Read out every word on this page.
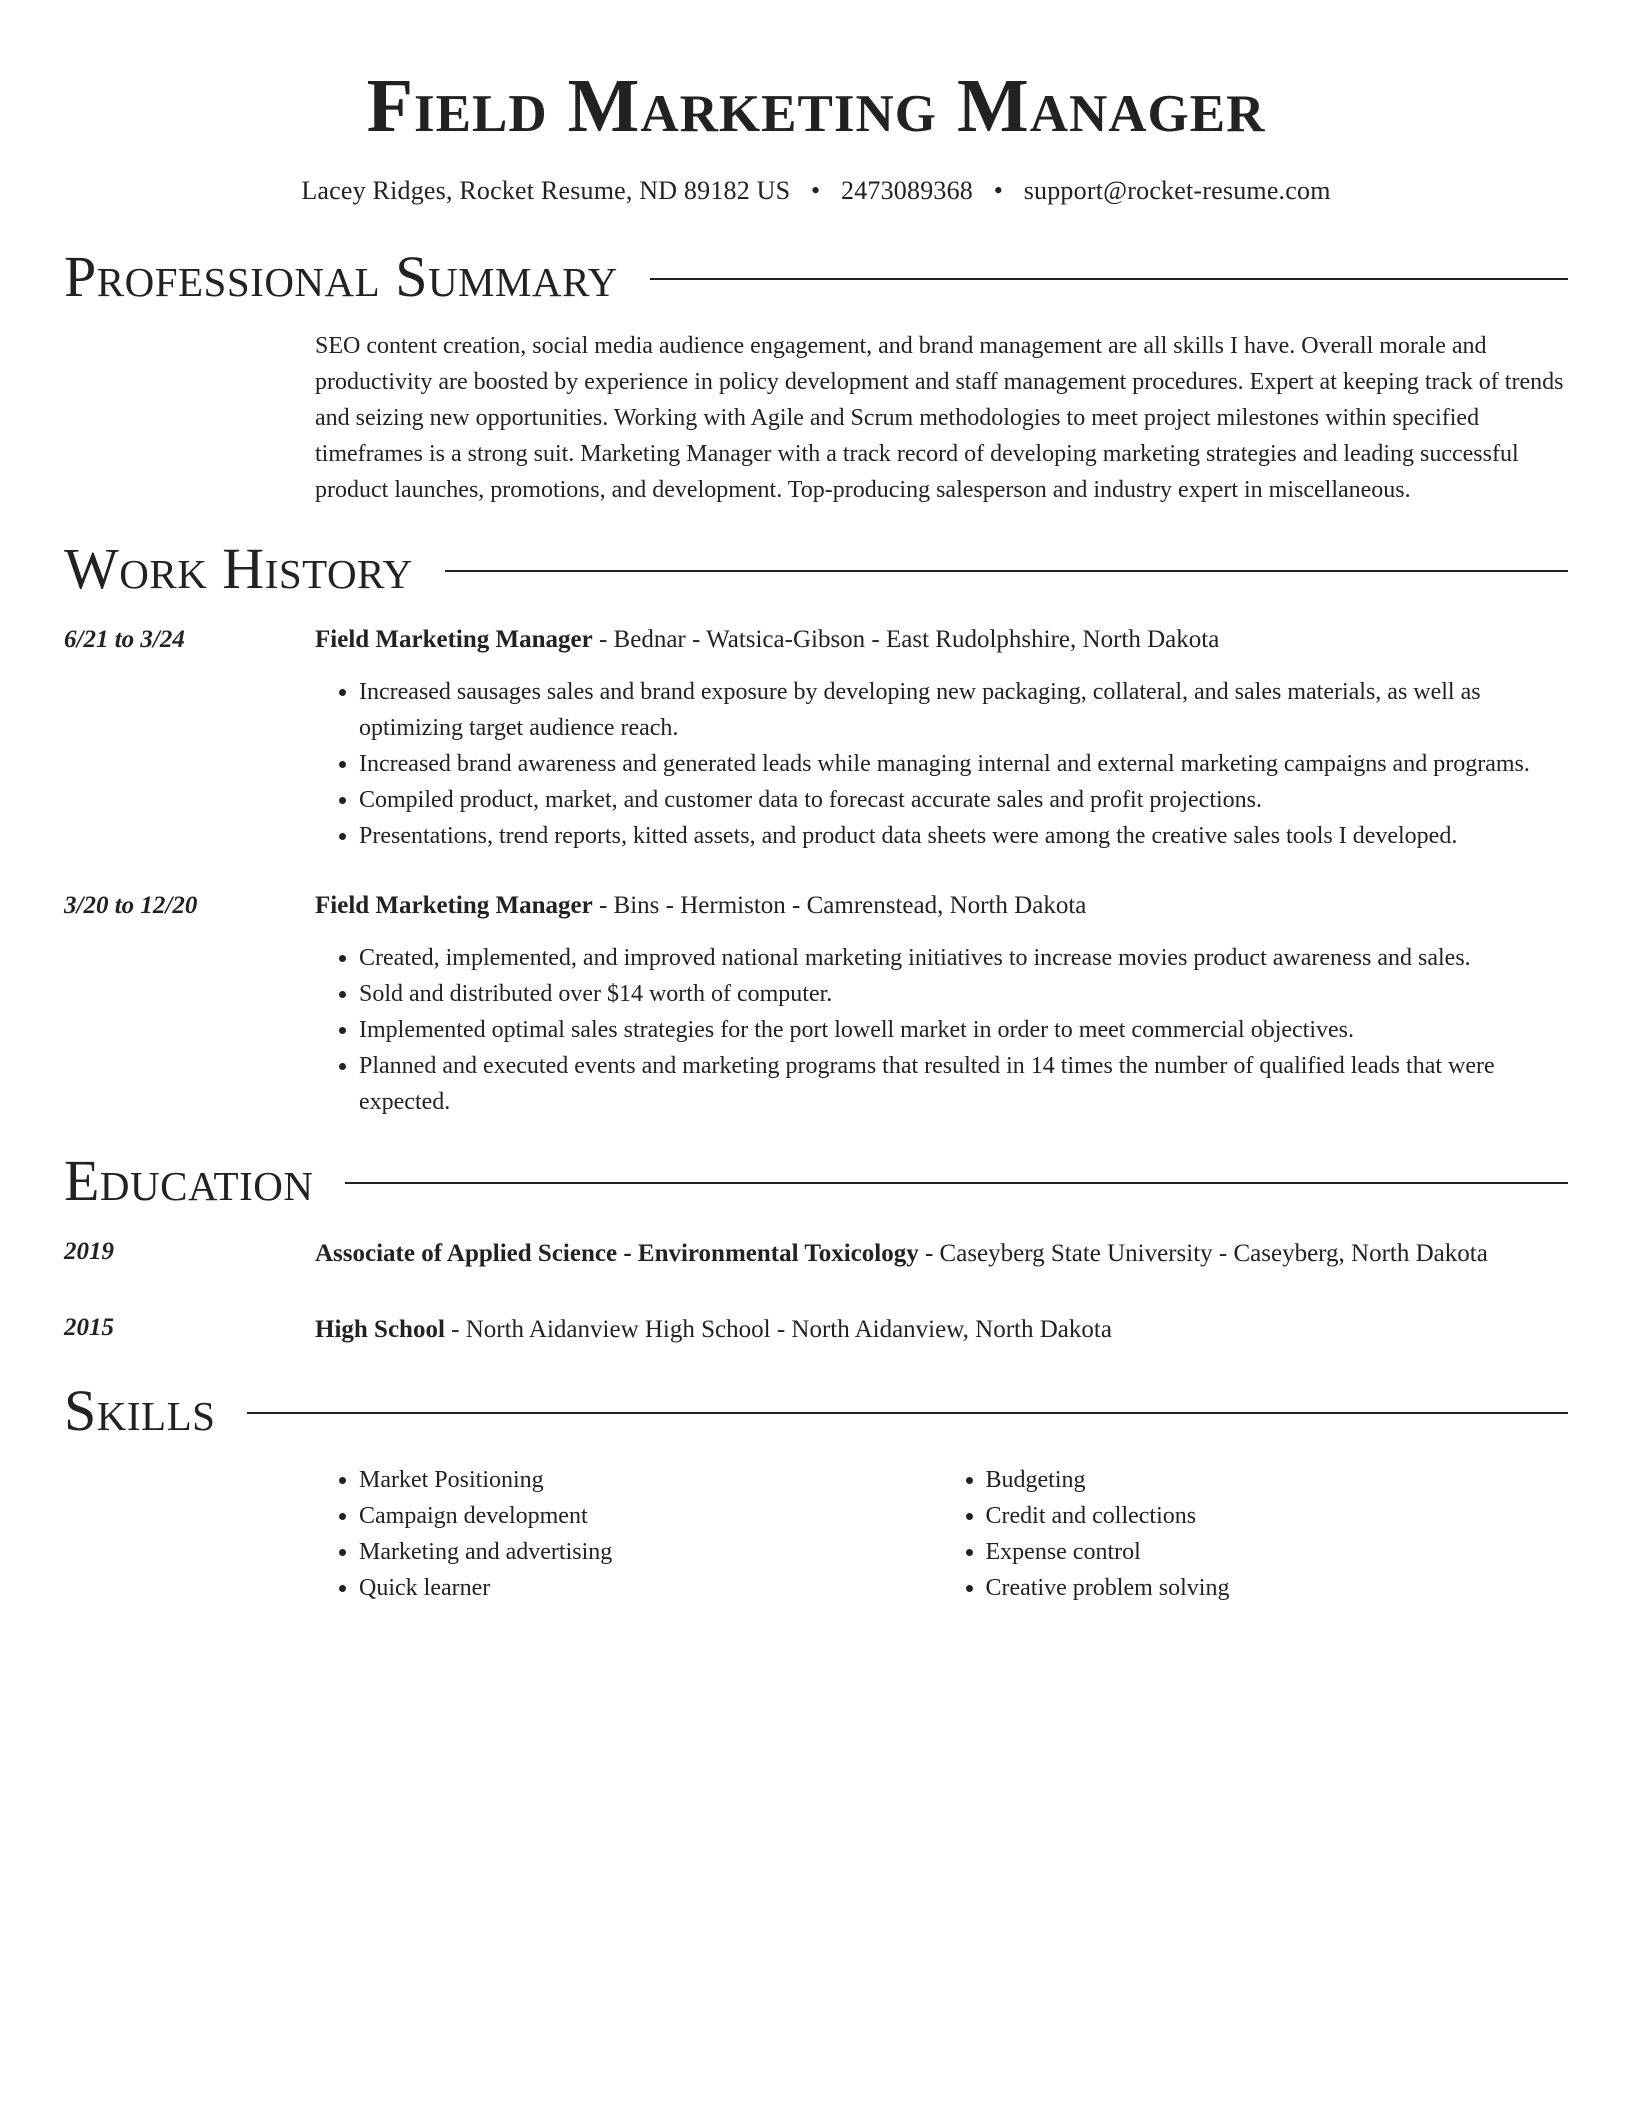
Field Marketing Manager
Lacey Ridges, Rocket Resume, ND 89182 US • 2473089368 • support@rocket-resume.com
Professional Summary
SEO content creation, social media audience engagement, and brand management are all skills I have. Overall morale and productivity are boosted by experience in policy development and staff management procedures. Expert at keeping track of trends and seizing new opportunities. Working with Agile and Scrum methodologies to meet project milestones within specified timeframes is a strong suit. Marketing Manager with a track record of developing marketing strategies and leading successful product launches, promotions, and development. Top-producing salesperson and industry expert in miscellaneous.
Work History
6/21 to 3/24	Field Marketing Manager - Bednar - Watsica-Gibson - East Rudolphshire, North Dakota
• Increased sausages sales and brand exposure by developing new packaging, collateral, and sales materials, as well as optimizing target audience reach.
• Increased brand awareness and generated leads while managing internal and external marketing campaigns and programs.
• Compiled product, market, and customer data to forecast accurate sales and profit projections.
• Presentations, trend reports, kitted assets, and product data sheets were among the creative sales tools I developed.
3/20 to 12/20	Field Marketing Manager - Bins - Hermiston - Camrenstead, North Dakota
• Created, implemented, and improved national marketing initiatives to increase movies product awareness and sales.
• Sold and distributed over $14 worth of computer.
• Implemented optimal sales strategies for the port lowell market in order to meet commercial objectives.
• Planned and executed events and marketing programs that resulted in 14 times the number of qualified leads that were expected.
Education
2019	Associate of Applied Science - Environmental Toxicology - Caseyberg State University - Caseyberg, North Dakota
2015	High School - North Aidanview High School - North Aidanview, North Dakota
Skills
• Market Positioning
• Campaign development
• Marketing and advertising
• Quick learner
• Budgeting
• Credit and collections
• Expense control
• Creative problem solving
